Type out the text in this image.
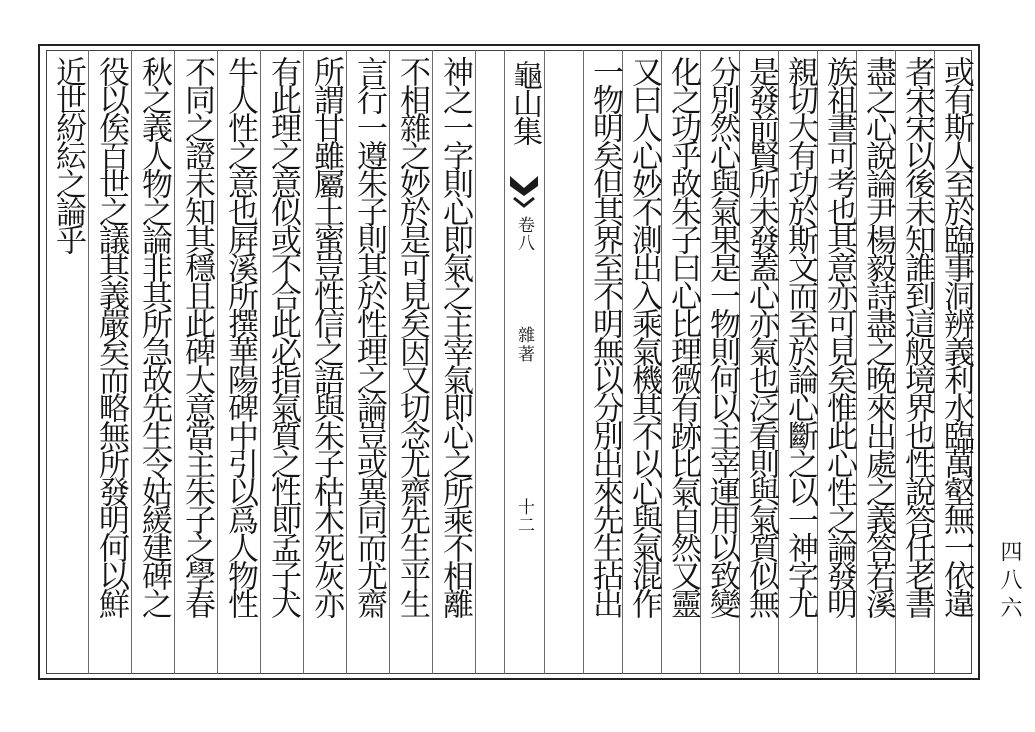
或有斯人至於臨事洞辨義利水臨萬壑無一依違
者宋宋以後未知誰到這般境界也性說答任老書
盡之心說論尹楊毅詩盡之晚來出處之義答若溪
族祖書可考也其意亦可見矣惟此心性之論發明
親切大有功於斯文而至於論心斷之以一神字尤
是發前賢所未發蓋心亦氣也泛看則與氣質似無
分別然心與氣果是一物則何以主宰運用以致變
化之功乎故朱子曰心比理微有跡比氣自然又靈
又曰人心妙不測出入乘氣機其不以心與氣混作
一物明矣但其界至不明無以分別出來先生拈出
龜山集
卷八
雜著
十二
神之一字則心即氣之主宰氣即心之所乘不相離
不相雜之妙於是可見矣因又切念尤齋先生平生
言行一遵朱子則其於性理之論豈或異同而尤齋
所謂甘雖屬土蜜豈性信之語與朱子枯木死灰亦
有此理之意似或不合此必指氣質之性即孟子犬
牛人性之意也屛溪所撰華陽碑中引以爲人物性
不同之證未知其穩且此碑大意當主朱子之學春
秋之義人物之論非其所急故先生令姑緩建碑之
役以俟百世之議其義嚴矣而略無所發明何以鮮
近世紛紜之論乎
四八六
